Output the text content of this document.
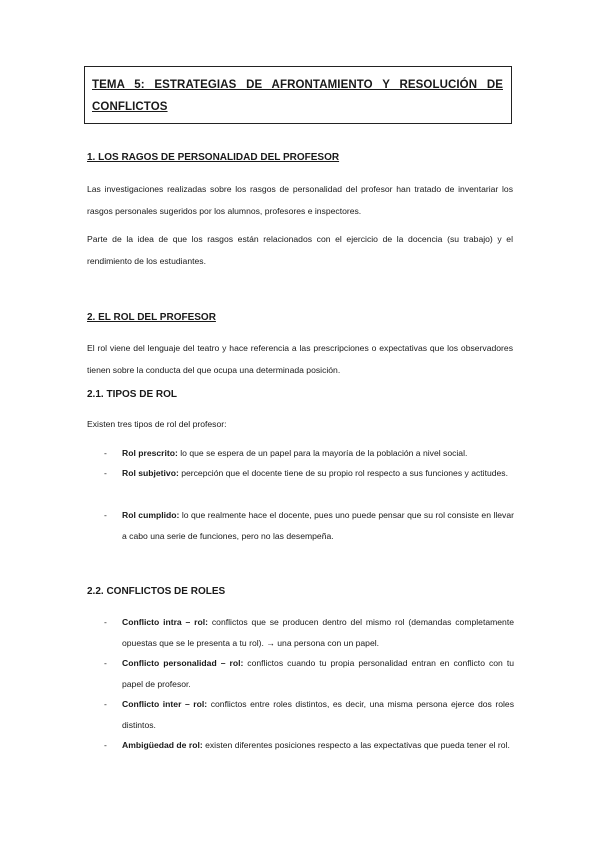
TEMA 5: ESTRATEGIAS DE AFRONTAMIENTO Y RESOLUCIÓN DE CONFLICTOS
1. LOS RAGOS DE PERSONALIDAD DEL PROFESOR

Las investigaciones realizadas sobre los rasgos de personalidad del profesor han tratado de inventariar los rasgos personales sugeridos por los alumnos, profesores e inspectores.

Parte de la idea de que los rasgos están relacionados con el ejercicio de la docencia (su trabajo) y el rendimiento de los estudiantes.

2. EL ROL DEL PROFESOR

El rol viene del lenguaje del teatro y hace referencia a las prescripciones o expectativas que los observadores tienen sobre la conducta del que ocupa una determinada posición.

2.1. TIPOS DE ROL

Existen tres tipos de rol del profesor:

- Rol prescrito: lo que se espera de un papel para la mayoría de la población a nivel social.
- Rol subjetivo: percepción que el docente tiene de su propio rol respecto a sus funciones y actitudes.
- Rol cumplido: lo que realmente hace el docente, pues uno puede pensar que su rol consiste en llevar a cabo una serie de funciones, pero no las desempeña.
2.2. CONFLICTOS DE ROLES
- Conflicto intra – rol: conflictos que se producen dentro del mismo rol (demandas completamente opuestas que se le presenta a tu rol). → una persona con un papel.
- Conflicto personalidad – rol: conflictos cuando tu propia personalidad entran en conflicto con tu papel de profesor.
- Conflicto inter – rol: conflictos entre roles distintos, es decir, una misma persona ejerce dos roles distintos.
- Ambigüedad de rol: existen diferentes posiciones respecto a las expectativas que pueda tener el rol.
